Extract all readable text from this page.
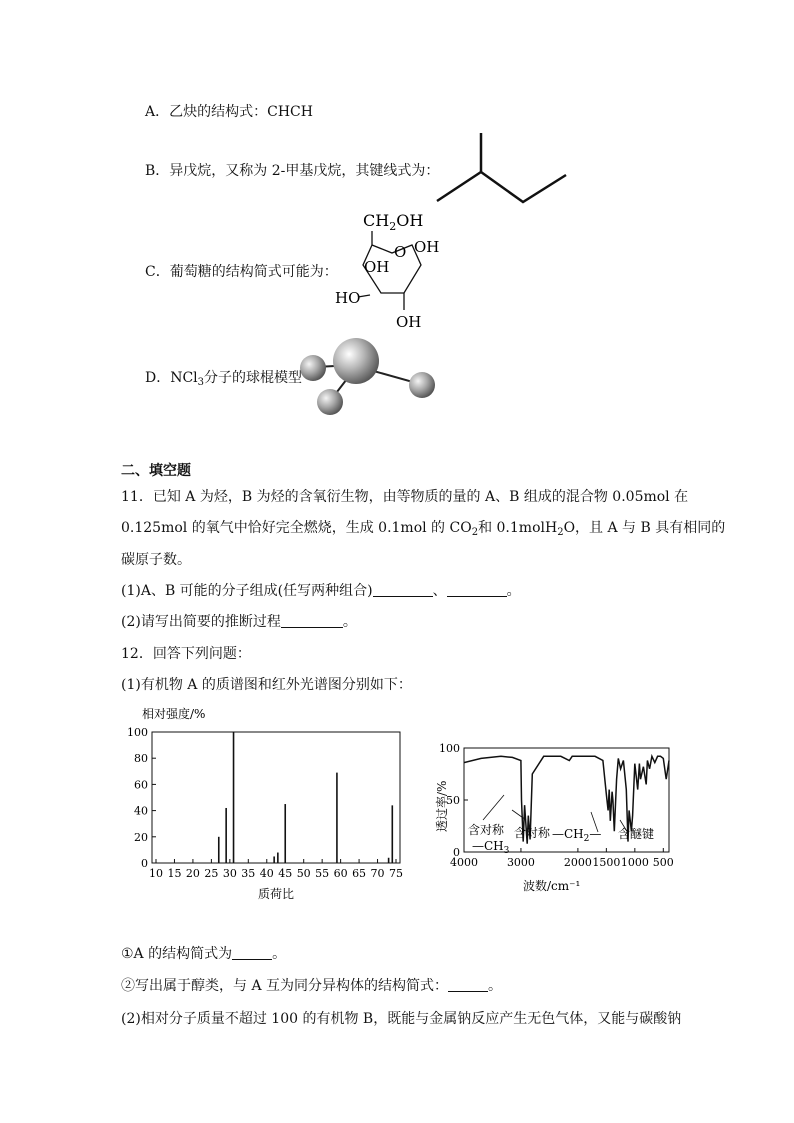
A．乙炔的结构式：CHCH
B．异戊烷，又称为 2-甲基戊烷，其键线式为：
C．葡萄糖的结构简式可能为：
$CH_2OH$
O OH
OH
HO
OH
D．NCl$_3$分子的球棍模型
二、填空题
11．已知 A 为烃，B 为烃的含氧衍生物，由等物质的量的 A、B 组成的混合物 0.05mol 在
0.125mol 的氧气中恰好完全燃烧，生成 0.1mol 的 $CO_2$和 0.1molH$_2$O，且 A 与 B 具有相同的
碳原子数。
(1)A、B 可能的分子组成(任写两种组合)	、	。
(2)请写出简要的推断过程	。
12．回答下列问题：
(1)有机物 A 的质谱图和红外光谱图分别如下：
相对强度/%
0
20
40
60
80
100
10 15 20 25 30 35 40 45 50 55 60 65 70 75
质荷比
透过率/%
0
50
100
4000	3000	2000 1500 1000 500
含对称
$—CH_3$
含对称 $—CH_2—$ 含醚键
波数/cm⁻¹
①A 的结构简式为	。
②写出属于醇类，与 A 互为同分异构体的结构简式：	。
(2)相对分子质量不超过 100 的有机物 B，既能与金属钠反应产生无色气体，又能与碳酸钠
